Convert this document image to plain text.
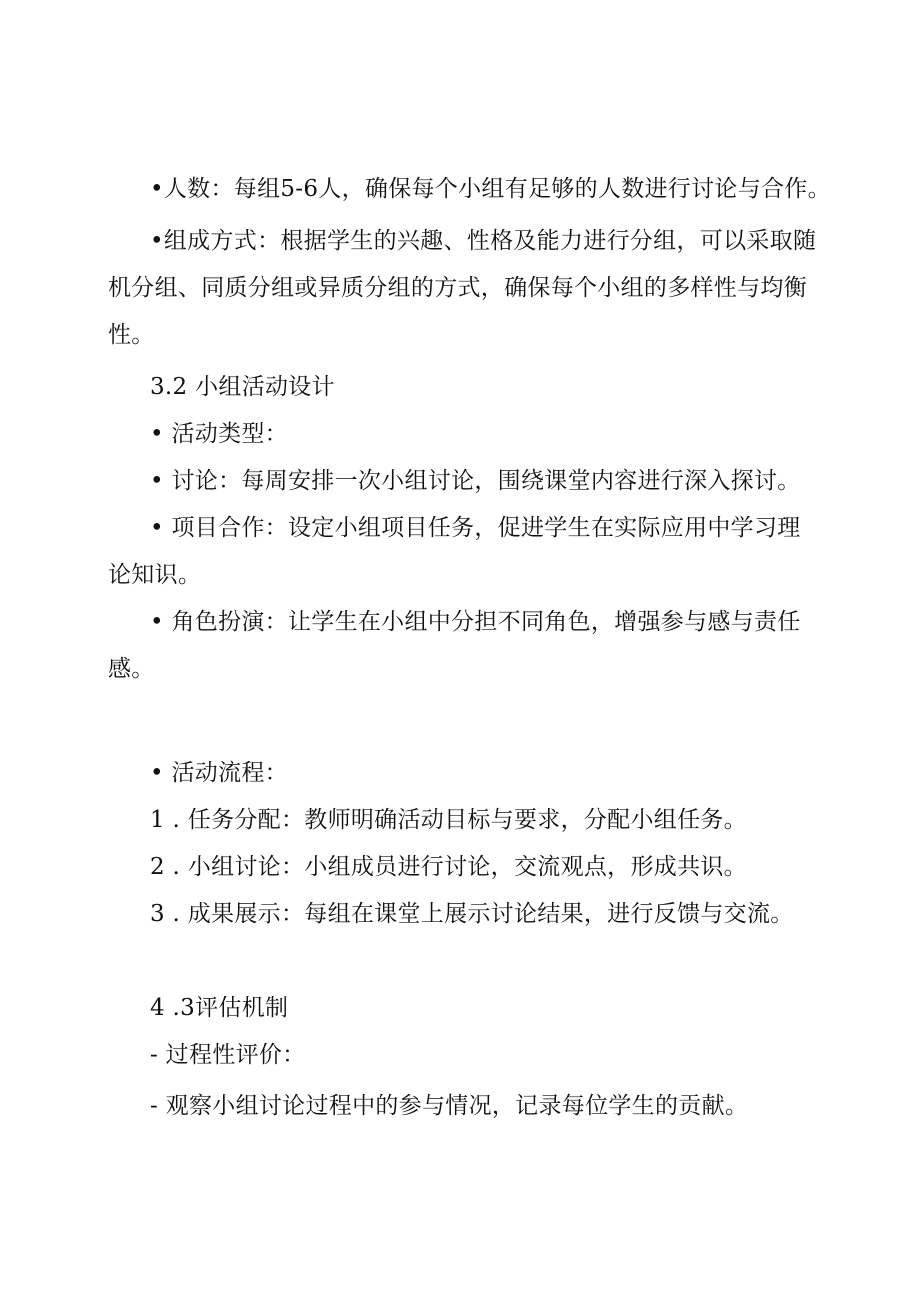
•人数：每组5-6人，确保每个小组有足够的人数进行讨论与合作。
•组成方式：根据学生的兴趣、性格及能力进行分组，可以采取随
机分组、同质分组或异质分组的方式，确保每个小组的多样性与均衡
性。
3.2 小组活动设计
• 活动类型：
• 讨论：每周安排一次小组讨论，围绕课堂内容进行深入探讨。
• 项目合作：设定小组项目任务，促进学生在实际应用中学习理
论知识。
• 角色扮演：让学生在小组中分担不同角色，增强参与感与责任
感。
• 活动流程：
1 . 任务分配：教师明确活动目标与要求，分配小组任务。
2 . 小组讨论：小组成员进行讨论，交流观点，形成共识。
3 . 成果展示：每组在课堂上展示讨论结果，进行反馈与交流。
4 .3评估机制
- 过程性评价：
- 观察小组讨论过程中的参与情况，记录每位学生的贡献。
